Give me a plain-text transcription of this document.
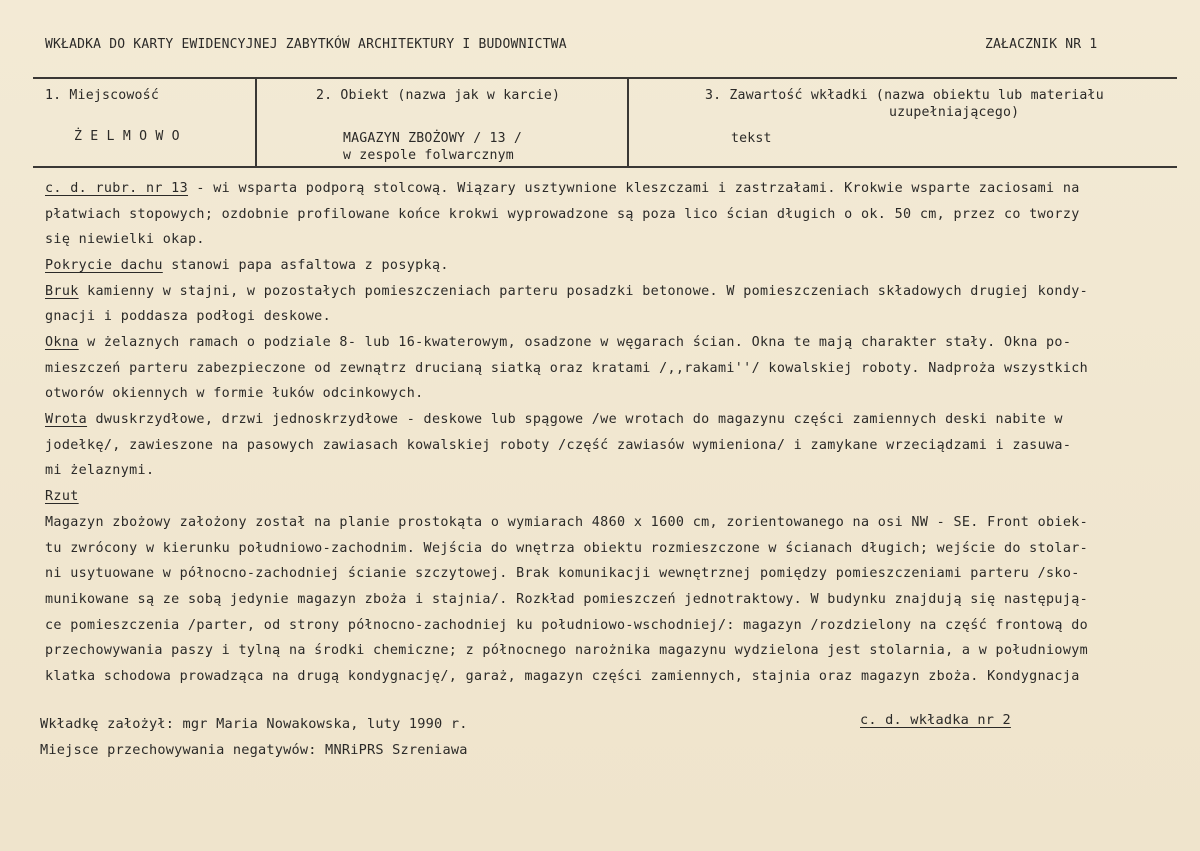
WKŁADKA DO KARTY EWIDENCYJNEJ ZABYTKÓW ARCHITEKTURY I BUDOWNICTWA	ZAŁACZNIK NR 1
1. Miejscowość
Ż E L M O W O
2. Obiekt (nazwa jak w karcie)
MAGAZYN ZBOŻOWY / 13 /
w zespole folwarcznym
3. Zawartość wkładki (nazwa obiektu lub materiału
uzupełniającego)
tekst
c. d. rubr. nr 13 - wi wsparta podporą stolcową. Wiązary usztywnione kleszczami i zastrzałami. Krokwie wsparte zaciosami na
płatwiach stopowych; ozdobnie profilowane końce krokwi wyprowadzone są poza lico ścian długich o ok. 50 cm, przez co tworzy
się niewielki okap.
Pokrycie dachu stanowi papa asfaltowa z posypką.
Bruk kamienny w stajni, w pozostałych pomieszczeniach parteru posadzki betonowe. W pomieszczeniach składowych drugiej kondy-
gnacji i poddasza podłogi deskowe.
Okna w żelaznych ramach o podziale 8- lub 16-kwaterowym, osadzone w węgarach ścian. Okna te mają charakter stały. Okna po-
mieszczeń parteru zabezpieczone od zewnątrz drucianą siatką oraz kratami /,,rakami''/ kowalskiej roboty. Nadproża wszystkich
otworów okiennych w formie łuków odcinkowych.
Wrota dwuskrzydłowe, drzwi jednoskrzydłowe - deskowe lub spągowe /we wrotach do magazynu części zamiennych deski nabite w
jodełkę/, zawieszone na pasowych zawiasach kowalskiej roboty /część zawiasów wymieniona/ i zamykane wrzeciądzami i zasuwa-
mi żelaznymi.
Rzut
Magazyn zbożowy założony został na planie prostokąta o wymiarach 4860 x 1600 cm, zorientowanego na osi NW - SE. Front obiek-
tu zwrócony w kierunku południowo-zachodnim. Wejścia do wnętrza obiektu rozmieszczone w ścianach długich; wejście do stolar-
ni usytuowane w północno-zachodniej ścianie szczytowej. Brak komunikacji wewnętrznej pomiędzy pomieszczeniami parteru /sko-
munikowane są ze sobą jedynie magazyn zboża i stajnia/. Rozkład pomieszczeń jednotraktowy. W budynku znajdują się następują-
ce pomieszczenia /parter, od strony północno-zachodniej ku południowo-wschodniej/: magazyn /rozdzielony na część frontową do
przechowywania paszy i tylną na środki chemiczne; z północnego narożnika magazynu wydzielona jest stolarnia, a w południowym
klatka schodowa prowadząca na drugą kondygnację/, garaż, magazyn części zamiennych, stajnia oraz magazyn zboża. Kondygnacja
Wkładkę założył: mgr Maria Nowakowska, luty 1990 r.
Miejsce przechowywania negatywów: MNRiPRS Szreniawa
c. d. wkładka nr 2
